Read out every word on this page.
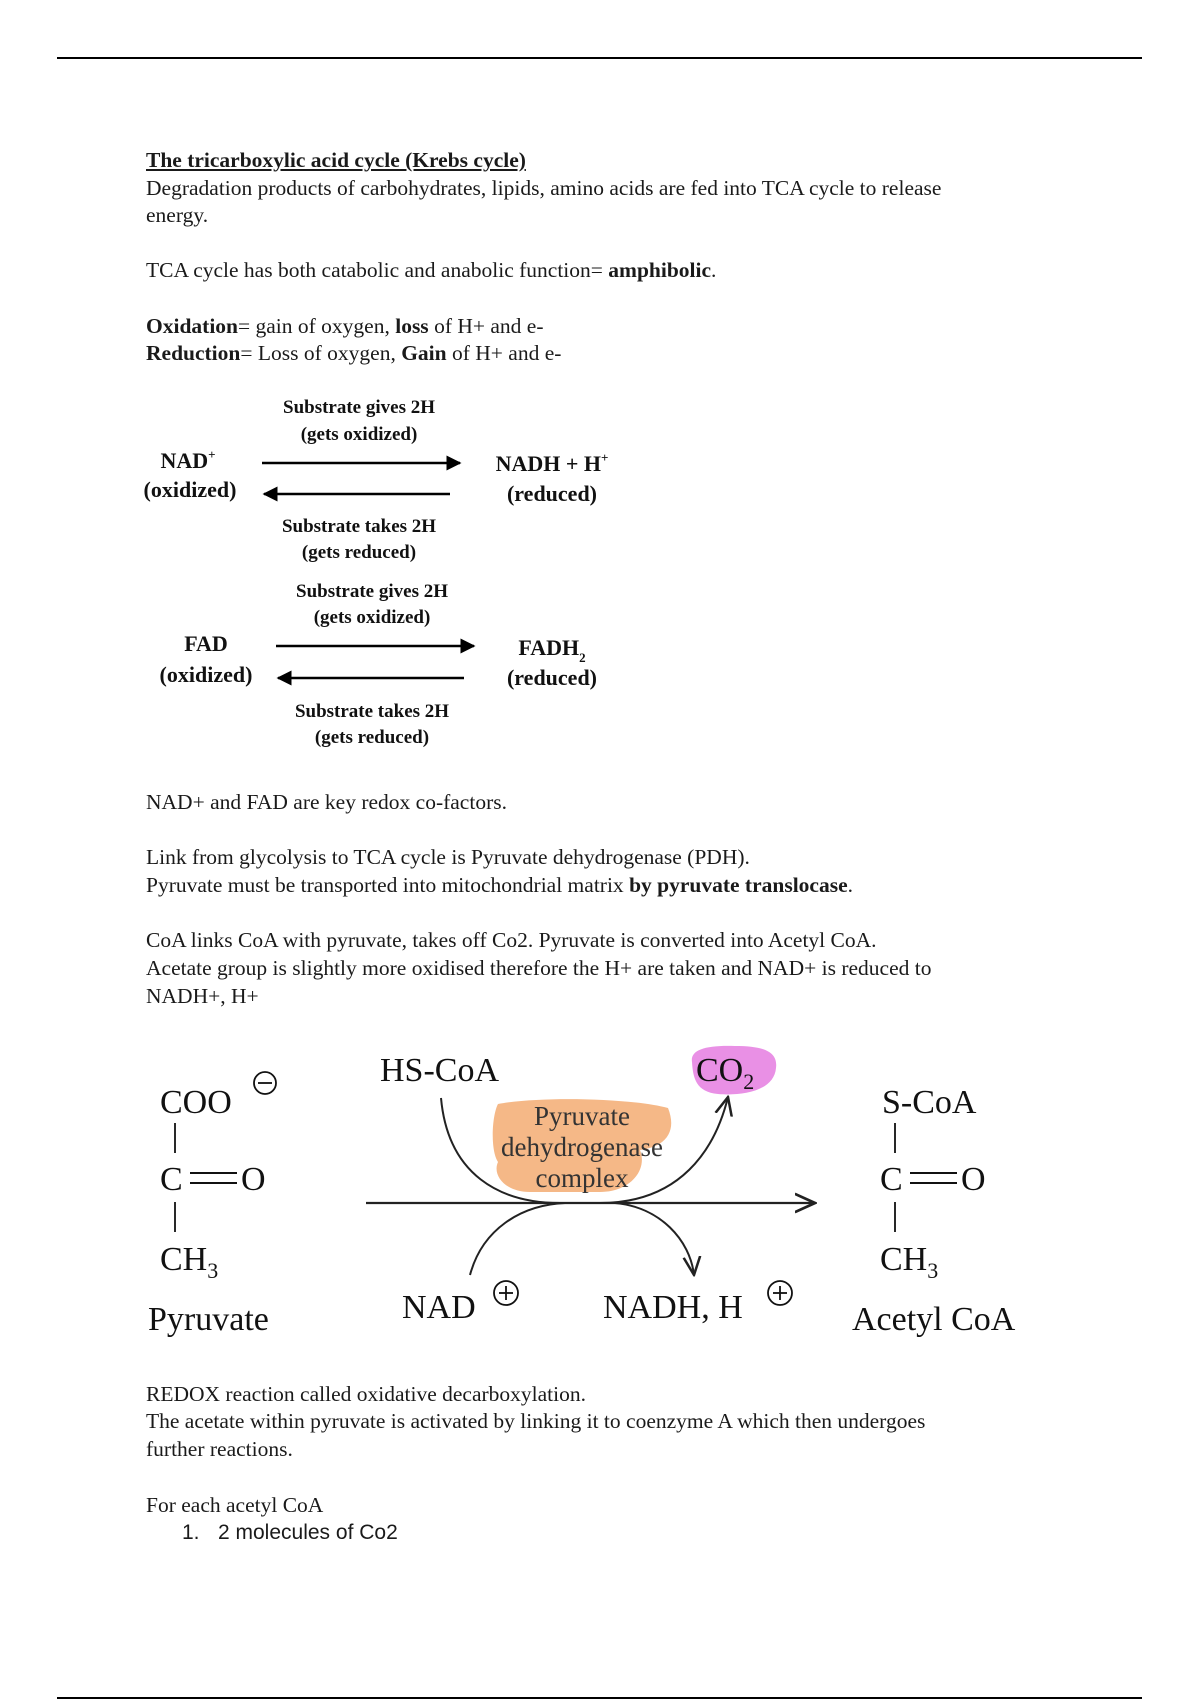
The tricarboxylic acid cycle (Krebs cycle)

Degradation products of carbohydrates, lipids, amino acids are fed into TCA cycle to release

energy.

TCA cycle has both catabolic and anabolic function= amphibolic.

Oxidation= gain of oxygen, loss of H+ and e-

Reduction= Loss of oxygen, Gain of H+ and e-

Substrate gives 2H
(gets oxidized)
NAD+
(oxidized)
NADH + H+
(reduced)
Substrate takes 2H
(gets reduced)
Substrate gives 2H
(gets oxidized)
FAD
(oxidized)
$FADH_2$
(reduced)
Substrate takes 2H
(gets reduced)

NAD+ and FAD are key redox co-factors.

Link from glycolysis to TCA cycle is Pyruvate dehydrogenase (PDH).

Pyruvate must be transported into mitochondrial matrix by pyruvate translocase.

CoA links CoA with pyruvate, takes off Co2. Pyruvate is converted into Acetyl CoA.

Acetate group is slightly more oxidised therefore the H+ are taken and NAD+ is reduced to

NADH+, H+

COO
C O
$CH_3$
Pyruvate
HS-CoA	$CO_2$
Pyruvate
dehydrogenase
complex
NAD	NADH, H
S-CoA
C O
$CH_3$
Acetyl CoA

REDOX reaction called oxidative decarboxylation.

The acetate within pyruvate is activated by linking it to coenzyme A which then undergoes

further reactions.

For each acetyl CoA

1. 2 molecules of Co2
